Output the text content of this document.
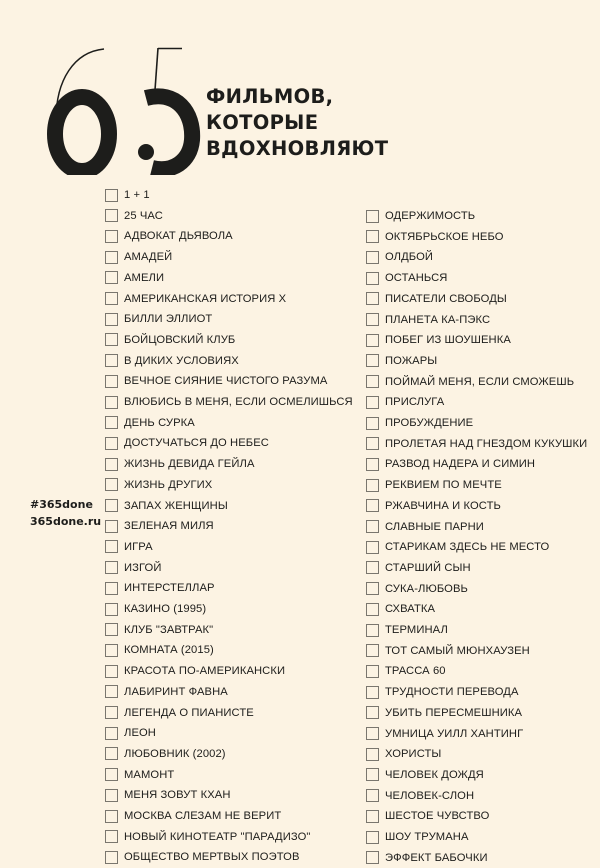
65
ФИЛЬМОВ,
КОТОРЫЕ
ВДОХНОВЛЯЮТ
#365done
365done.ru
1 + 1
25 ЧАС
АДВОКАТ ДЬЯВОЛА
АМАДЕЙ
АМЕЛИ
АМЕРИКАНСКАЯ ИСТОРИЯ X
БИЛЛИ ЭЛЛИОТ
БОЙЦОВСКИЙ КЛУБ
В ДИКИХ УСЛОВИЯХ
ВЕЧНОЕ СИЯНИЕ ЧИСТОГО РАЗУМА
ВЛЮБИСЬ В МЕНЯ, ЕСЛИ ОСМЕЛИШЬСЯ
ДЕНЬ СУРКА
ДОСТУЧАТЬСЯ ДО НЕБЕС
ЖИЗНЬ ДЕВИДА ГЕЙЛА
ЖИЗНЬ ДРУГИХ
ЗАПАХ ЖЕНЩИНЫ
ЗЕЛЕНАЯ МИЛЯ
ИГРА
ИЗГОЙ
ИНТЕРСТЕЛЛАР
КАЗИНО (1995)
КЛУБ "ЗАВТРАК"
КОМНАТА (2015)
КРАСОТА ПО-АМЕРИКАНСКИ
ЛАБИРИНТ ФАВНА
ЛЕГЕНДА О ПИАНИСТЕ
ЛЕОН
ЛЮБОВНИК (2002)
МАМОНТ
МЕНЯ ЗОВУТ КХАН
МОСКВА СЛЕЗАМ НЕ ВЕРИТ
НОВЫЙ КИНОТЕАТР "ПАРАДИЗО"
ОБЩЕСТВО МЕРТВЫХ ПОЭТОВ
ОДЕРЖИМОСТЬ
ОКТЯБРЬСКОЕ НЕБО
ОЛДБОЙ
ОСТАНЬСЯ
ПИСАТЕЛИ СВОБОДЫ
ПЛАНЕТА КА-ПЭКС
ПОБЕГ ИЗ ШОУШЕНКА
ПОЖАРЫ
ПОЙМАЙ МЕНЯ, ЕСЛИ СМОЖЕШЬ
ПРИСЛУГА
ПРОБУЖДЕНИЕ
ПРОЛЕТАЯ НАД ГНЕЗДОМ КУКУШКИ
РАЗВОД НАДЕРА И СИМИН
РЕКВИЕМ ПО МЕЧТЕ
РЖАВЧИНА И КОСТЬ
СЛАВНЫЕ ПАРНИ
СТАРИКАМ ЗДЕСЬ НЕ МЕСТО
СТАРШИЙ СЫН
СУКА-ЛЮБОВЬ
СХВАТКА
ТЕРМИНАЛ
ТОТ САМЫЙ МЮНХАУЗЕН
ТРАССА 60
ТРУДНОСТИ ПЕРЕВОДА
УБИТЬ ПЕРЕСМЕШНИКА
УМНИЦА УИЛЛ ХАНТИНГ
ХОРИСТЫ
ЧЕЛОВЕК ДОЖДЯ
ЧЕЛОВЕК-СЛОН
ШЕСТОЕ ЧУВСТВО
ШОУ ТРУМАНА
ЭФФЕКТ БАБОЧКИ
